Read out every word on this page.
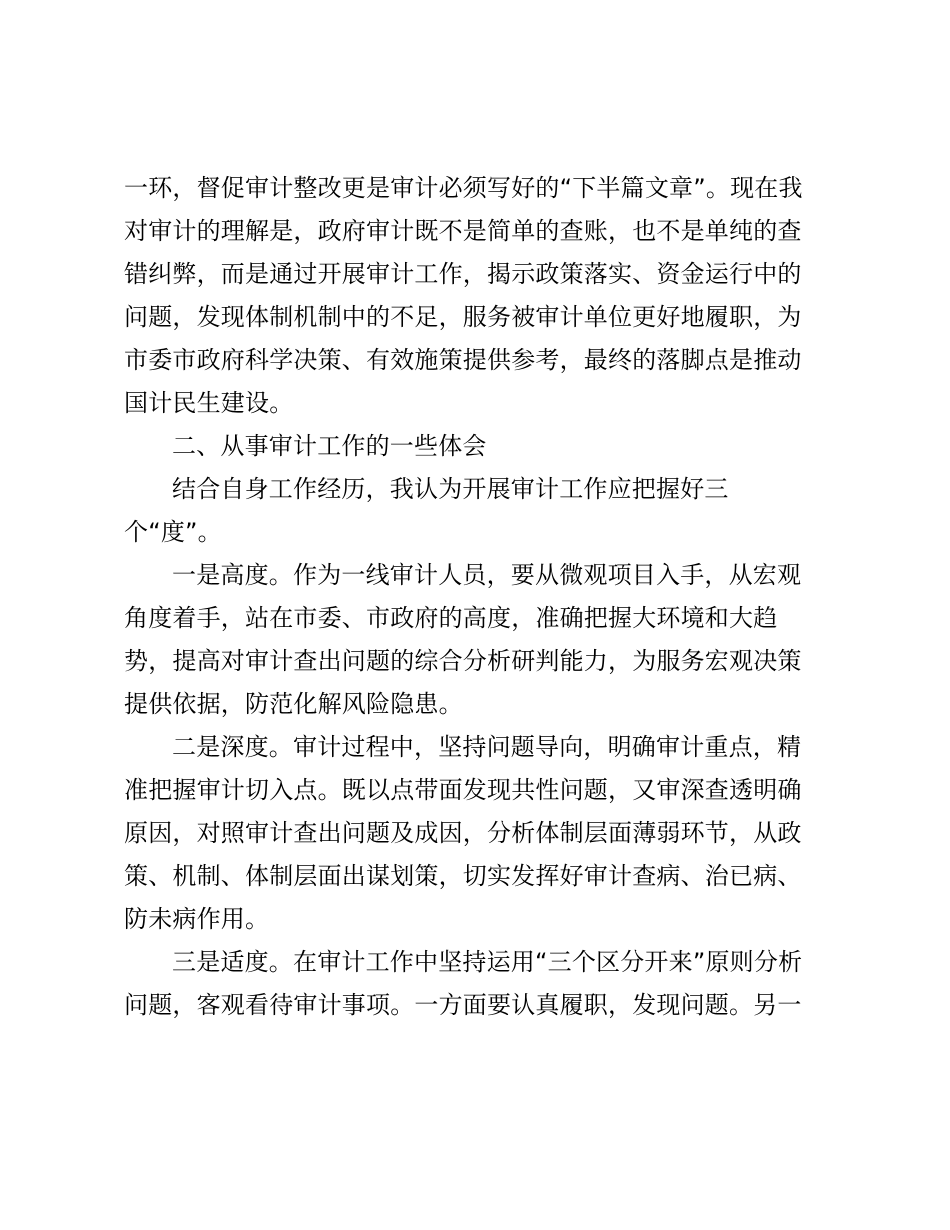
一环，督促审计整改更是审计必须写好的“下半篇文章”。现在我
对审计的理解是，政府审计既不是简单的查账，也不是单纯的查
错纠弊，而是通过开展审计工作，揭示政策落实、资金运行中的
问题，发现体制机制中的不足，服务被审计单位更好地履职，为
市委市政府科学决策、有效施策提供参考，最终的落脚点是推动
国计民生建设。
二、从事审计工作的一些体会
结合自身工作经历，我认为开展审计工作应把握好三
个“度”。
一是高度。作为一线审计人员，要从微观项目入手，从宏观
角度着手，站在市委、市政府的高度，准确把握大环境和大趋
势，提高对审计查出问题的综合分析研判能力，为服务宏观决策
提供依据，防范化解风险隐患。
二是深度。审计过程中，坚持问题导向，明确审计重点，精
准把握审计切入点。既以点带面发现共性问题，又审深查透明确
原因，对照审计查出问题及成因，分析体制层面薄弱环节，从政
策、机制、体制层面出谋划策，切实发挥好审计查病、治已病、
防未病作用。
三是适度。在审计工作中坚持运用“三个区分开来”原则分析
问题，客观看待审计事项。一方面要认真履职，发现问题。另一
